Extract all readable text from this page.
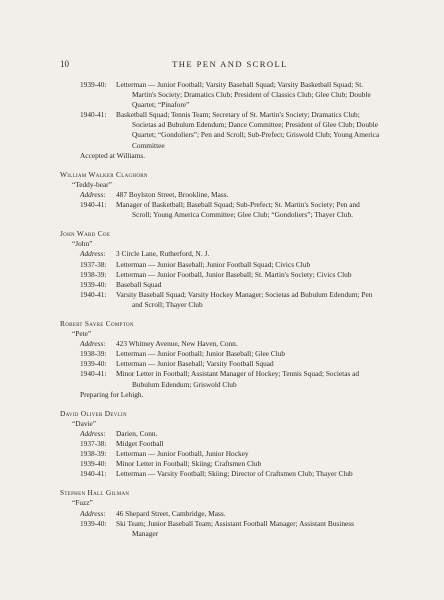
10	THE PEN AND SCROLL
1939-40:	Letterman — Junior Football; Varsity Baseball Squad; Varsity Basketball Squad; St. Martin's Society; Dramatics Club; President of Classics Club; Glee Club; Double Quartet; “Pinafore”
1940-41:	Basketball Squad; Tennis Team; Secretary of St. Martin's Society; Dramatics Club; Societas ad Bubulum Edendum; Dance Committee; President of Glee Club; Double Quartet; “Gondoliers”; Pen and Scroll; Sub-Prefect; Griswold Club; Young America Committee
Accepted at Williams.
William Walker Claghorn
“Teddy-bear”
Address:	487 Boylston Street, Brookline, Mass.
1940-41:	Manager of Basketball; Baseball Squad; Sub-Prefect; St. Martin's Society; Pen and Scroll; Young America Committee; Glee Club; “Gondoliers”; Thayer Club.
John Ward Coe
“John”
Address:	3 Circle Lane, Rutherford, N. J.
1937-38:	Letterman — Junior Baseball; Junior Football Squad; Civics Club
1938-39:	Letterman — Junior Football, Junior Baseball; St. Martin's Society; Civics Club
1939-40:	Baseball Squad
1940-41:	Varsity Baseball Squad; Varsity Hockey Manager; Societas ad Bubulum Edendum; Pen and Scroll; Thayer Club
Robert Sayre Compton
“Pete”
Address:	423 Whitney Avenue, New Haven, Conn.
1938-39:	Letterman — Junior Football; Junior Baseball; Glee Club
1939-40:	Letterman — Junior Baseball; Varsity Football Squad
1940-41:	Minor Letter in Football; Assistant Manager of Hockey; Tennis Squad; Societas ad Bubulum Edendum; Griswold Club
Preparing for Lehigh.
David Oliver Devlin
“Davie”
Address:	Darien, Conn.
1937-38:	Midget Football
1938-39:	Letterman — Junior Football, Junior Hockey
1939-40:	Minor Letter in Football; Skiing; Craftsmen Club
1940-41:	Letterman — Varsity Football; Skiing; Director of Craftsmen Club; Thayer Club
Stephen Hall Gilman
“Fuzz”
Address:	46 Shepard Street, Cambridge, Mass.
1939-40:	Ski Team; Junior Baseball Team; Assistant Football Manager; Assistant Business Manager
